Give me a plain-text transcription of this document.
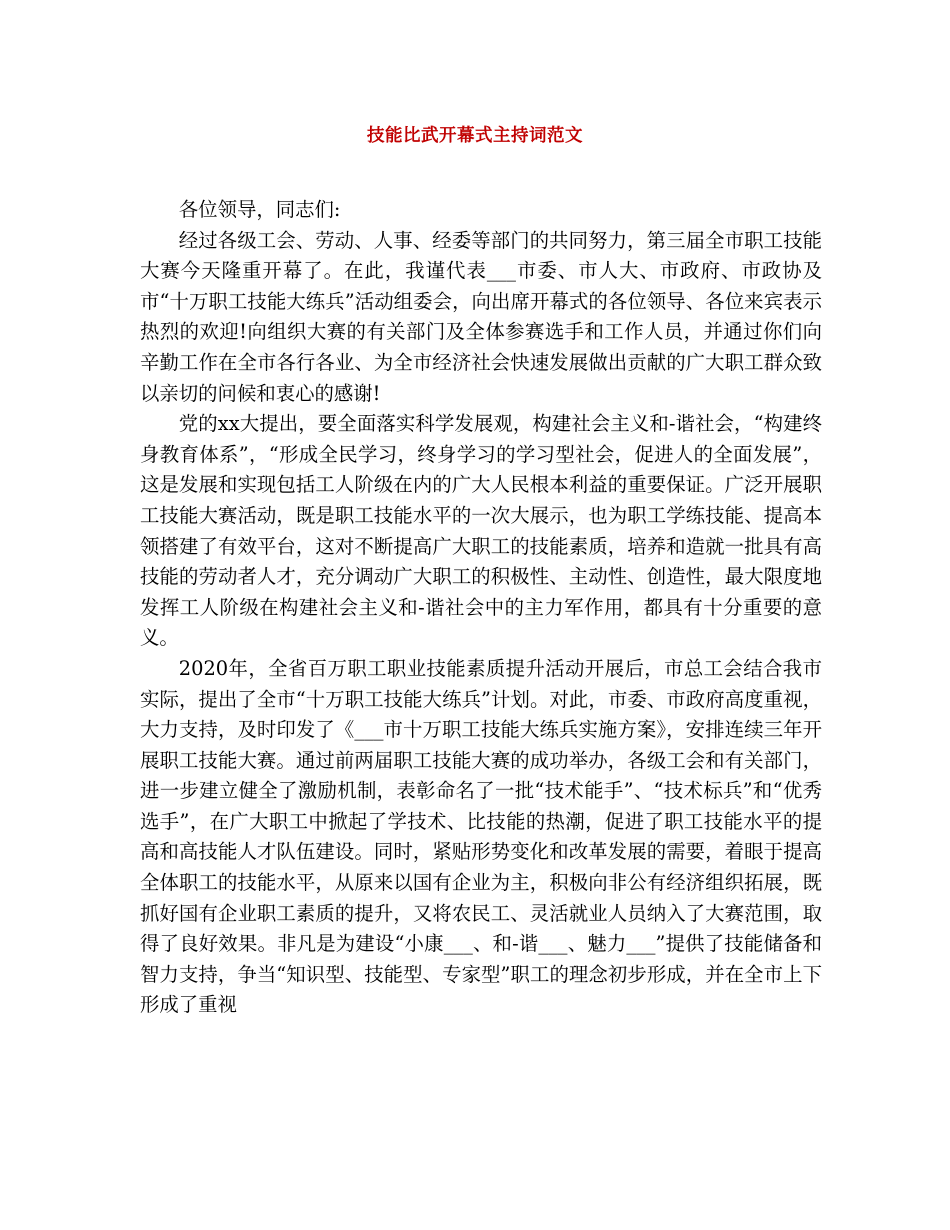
技能比武开幕式主持词范文

各位领导，同志们:

经过各级工会、劳动、人事、经委等部门的共同努力，第三届全市职工技能大赛今天隆重开幕了。在此，我谨代表___市委、市人大、市政府、市政协及市“十万职工技能大练兵”活动组委会，向出席开幕式的各位领导、各位来宾表示热烈的欢迎!向组织大赛的有关部门及全体参赛选手和工作人员，并通过你们向辛勤工作在全市各行各业、为全市经济社会快速发展做出贡献的广大职工群众致以亲切的问候和衷心的感谢!

党的xx大提出，要全面落实科学发展观，构建社会主义和-谐社会，“构建终身教育体系”，“形成全民学习，终身学习的学习型社会，促进人的全面发展”，这是发展和实现包括工人阶级在内的广大人民根本利益的重要保证。广泛开展职工技能大赛活动，既是职工技能水平的一次大展示，也为职工学练技能、提高本领搭建了有效平台，这对不断提高广大职工的技能素质，培养和造就一批具有高技能的劳动者人才，充分调动广大职工的积极性、主动性、创造性，最大限度地发挥工人阶级在构建社会主义和-谐社会中的主力军作用，都具有十分重要的意义。

2020年，全省百万职工职业技能素质提升活动开展后，市总工会结合我市实际，提出了全市“十万职工技能大练兵”计划。对此，市委、市政府高度重视，大力支持，及时印发了《___市十万职工技能大练兵实施方案》，安排连续三年开展职工技能大赛。通过前两届职工技能大赛的成功举办，各级工会和有关部门，进一步建立健全了激励机制，表彰命名了一批“技术能手”、“技术标兵”和“优秀选手”，在广大职工中掀起了学技术、比技能的热潮，促进了职工技能水平的提高和高技能人才队伍建设。同时，紧贴形势变化和改革发展的需要，着眼于提高全体职工的技能水平，从原来以国有企业为主，积极向非公有经济组织拓展，既抓好国有企业职工素质的提升，又将农民工、灵活就业人员纳入了大赛范围，取得了良好效果。非凡是为建设“小康___、和-谐___、魅力___”提供了技能储备和智力支持，争当“知识型、技能型、专家型”职工的理念初步形成，并在全市上下形成了重视
